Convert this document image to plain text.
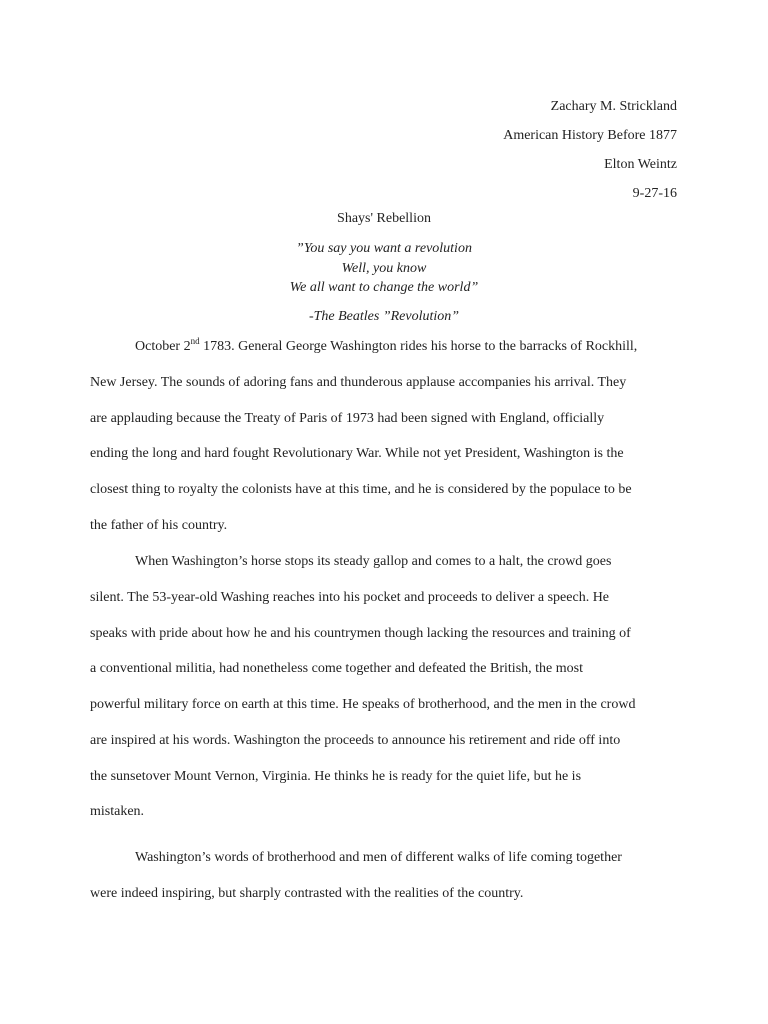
Zachary M. Strickland
American History Before 1877
Elton Weintz
9-27-16
Shays' Rebellion
”You say you want a revolution
Well, you know
We all want to change the world”
-The Beatles ”Revolution”
October 2nd 1783. General George Washington rides his horse to the barracks of Rockhill,
New Jersey. The sounds of adoring fans and thunderous applause accompanies his arrival. They
are applauding because the Treaty of Paris of 1973 had been signed with England, officially
ending the long and hard fought Revolutionary War. While not yet President, Washington is the
closest thing to royalty the colonists have at this time, and he is considered by the populace to be
the father of his country.
When Washington’s horse stops its steady gallop and comes to a halt, the crowd goes
silent. The 53-year-old Washing reaches into his pocket and proceeds to deliver a speech. He
speaks with pride about how he and his countrymen though lacking the resources and training of
a conventional militia, had nonetheless come together and defeated the British, the most
powerful military force on earth at this time. He speaks of brotherhood, and the men in the crowd
are inspired at his words. Washington the proceeds to announce his retirement and ride off into
the sunsetover Mount Vernon, Virginia. He thinks he is ready for the quiet life, but he is
mistaken.
Washington’s words of brotherhood and men of different walks of life coming together
were indeed inspiring, but sharply contrasted with the realities of the country.
